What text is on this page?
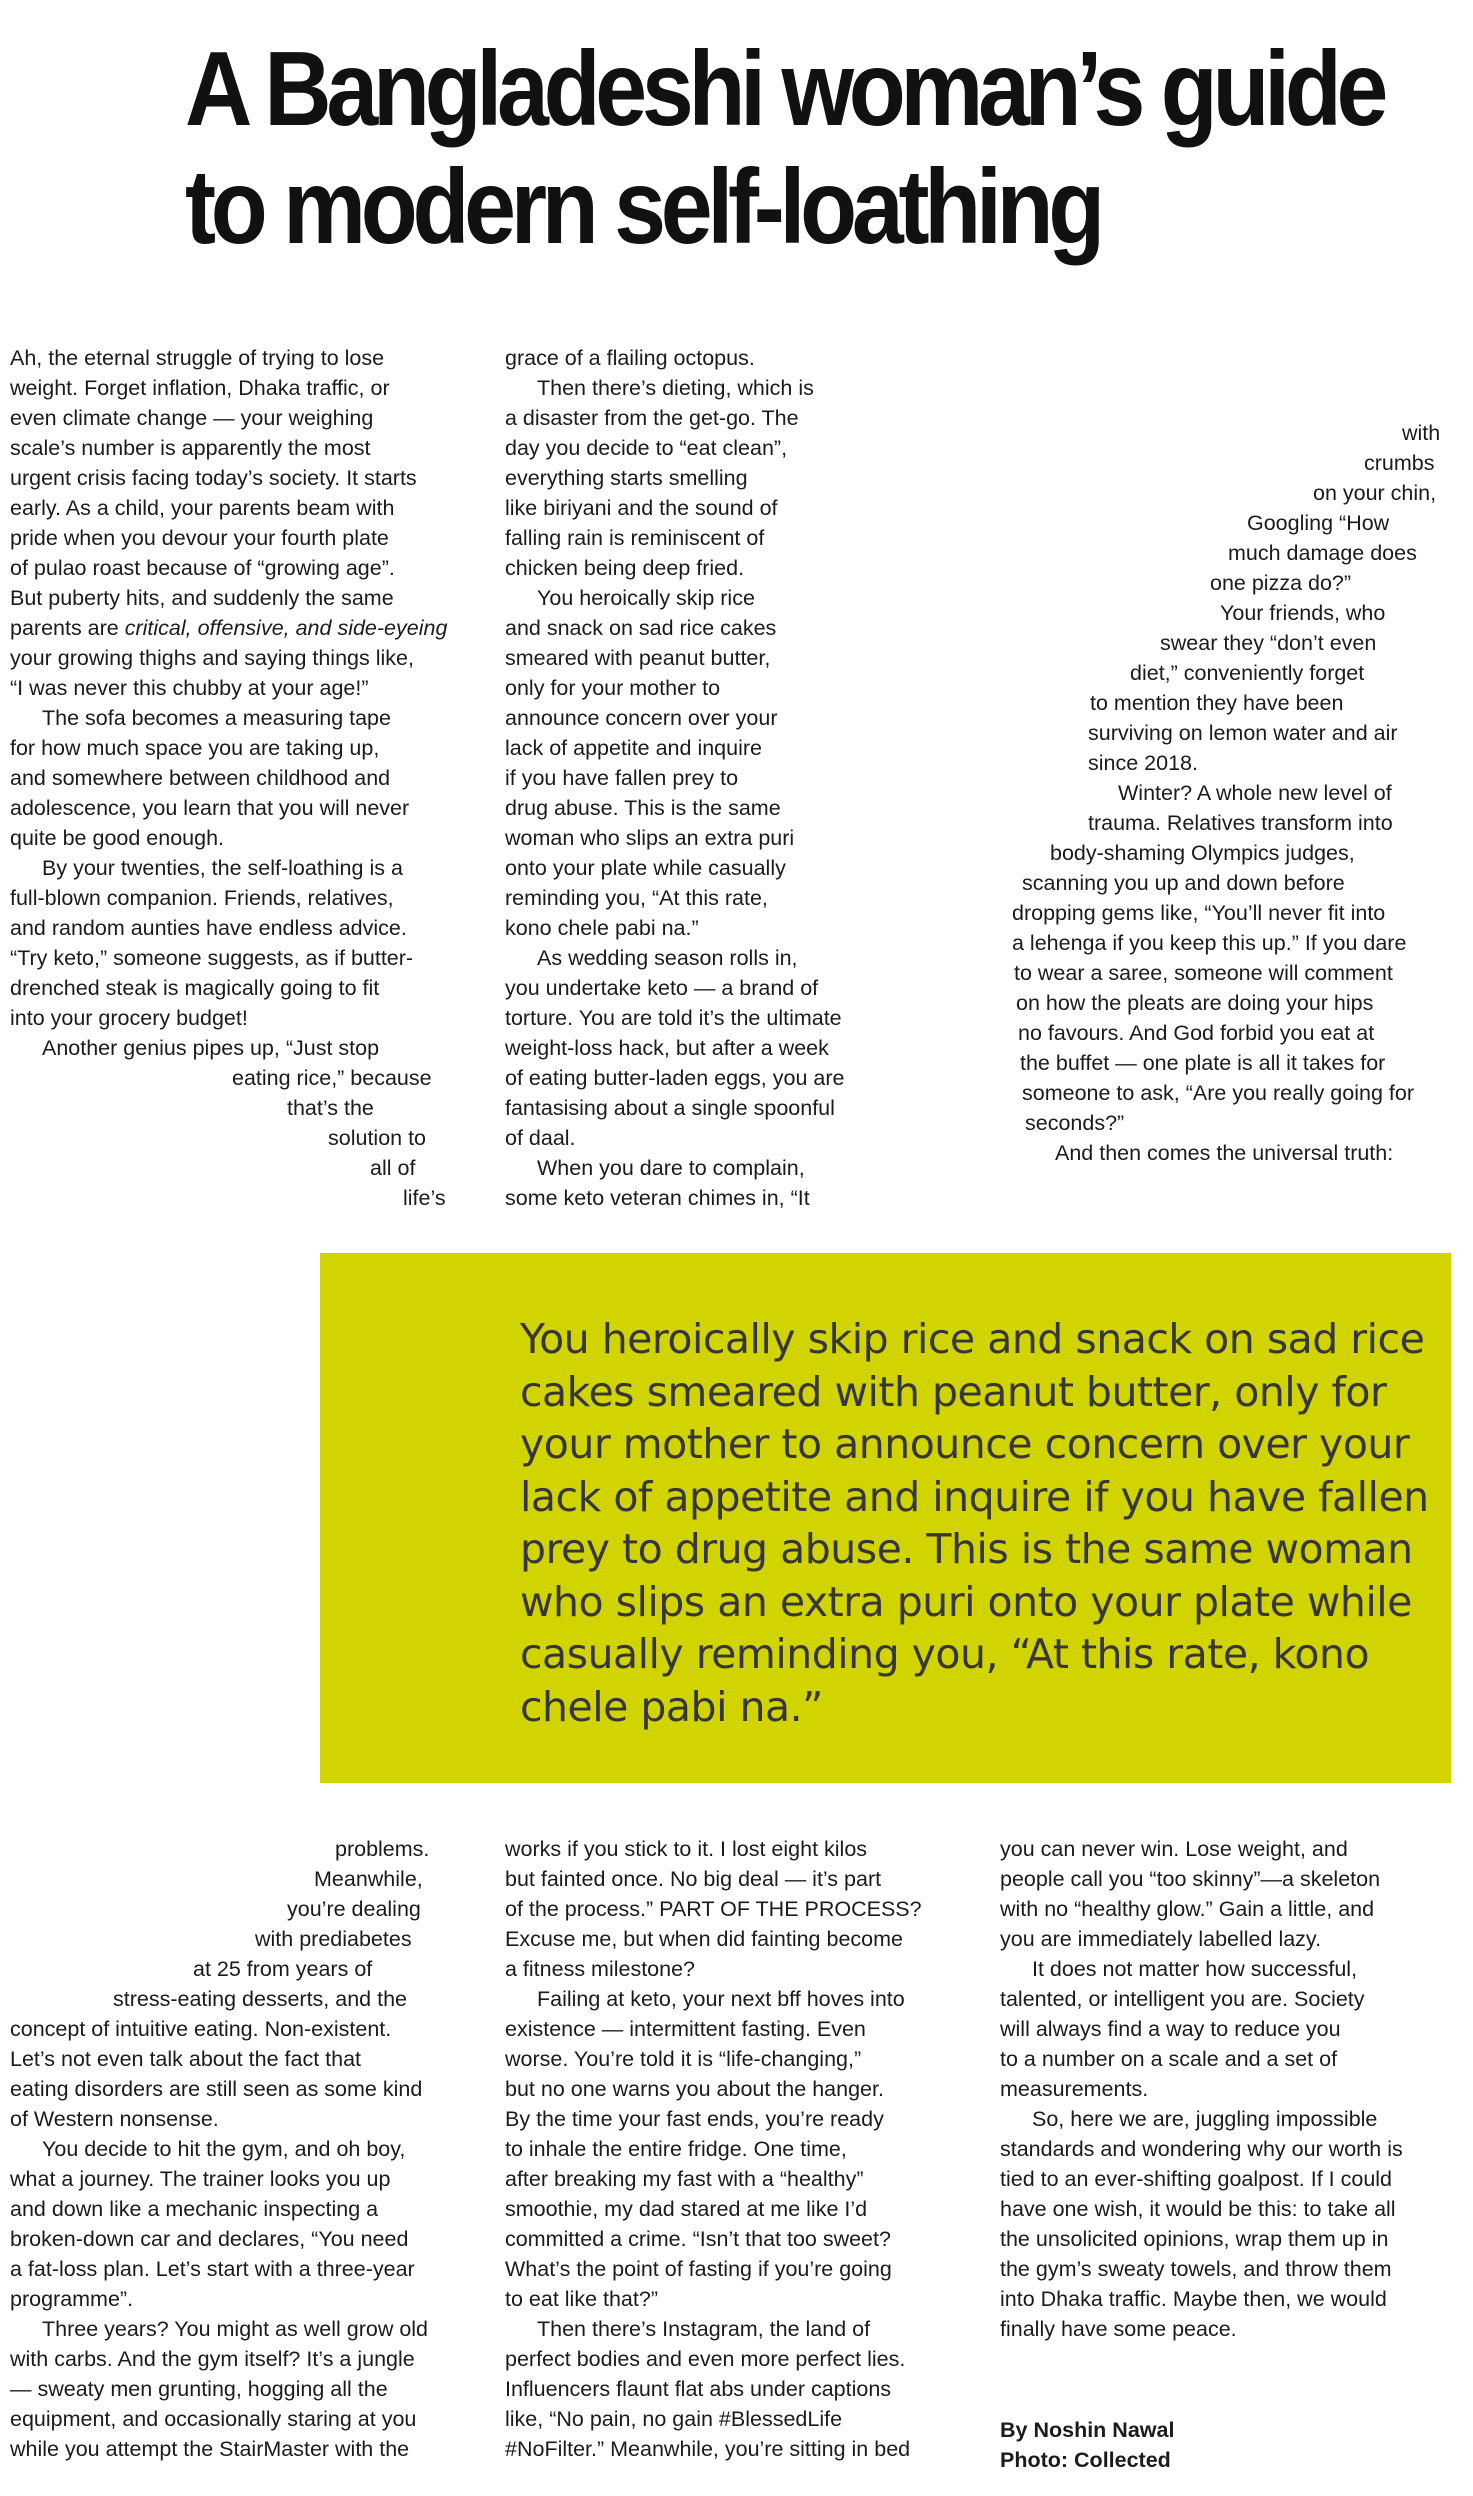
A Bangladeshi woman’s guide
to modern self-loathing
Ah, the eternal struggle of trying to lose
weight. Forget inflation, Dhaka traffic, or
even climate change — your weighing
scale’s number is apparently the most
urgent crisis facing today’s society. It starts
early. As a child, your parents beam with
pride when you devour your fourth plate
of pulao roast because of “growing age”.
But puberty hits, and suddenly the same
parents are critical, offensive, and side-eyeing
your growing thighs and saying things like,
“I was never this chubby at your age!”
The sofa becomes a measuring tape
for how much space you are taking up,
and somewhere between childhood and
adolescence, you learn that you will never
quite be good enough.
By your twenties, the self-loathing is a
full-blown companion. Friends, relatives,
and random aunties have endless advice.
“Try keto,” someone suggests, as if butter-
drenched steak is magically going to fit
into your grocery budget!
Another genius pipes up, “Just stop
eating rice,” because
that’s the
solution to
all of
life’s
grace of a flailing octopus.
Then there’s dieting, which is
a disaster from the get-go. The
day you decide to “eat clean”,
everything starts smelling
like biriyani and the sound of
falling rain is reminiscent of
chicken being deep fried.
You heroically skip rice
and snack on sad rice cakes
smeared with peanut butter,
only for your mother to
announce concern over your
lack of appetite and inquire
if you have fallen prey to
drug abuse. This is the same
woman who slips an extra puri
onto your plate while casually
reminding you, “At this rate,
kono chele pabi na.”
As wedding season rolls in,
you undertake keto — a brand of
torture. You are told it’s the ultimate
weight-loss hack, but after a week
of eating butter-laden eggs, you are
fantasising about a single spoonful
of daal.
When you dare to complain,
some keto veteran chimes in, “It
with
crumbs
on your chin,
Googling “How
much damage does
one pizza do?”
Your friends, who
swear they “don’t even
diet,” conveniently forget
to mention they have been
surviving on lemon water and air
since 2018.
Winter? A whole new level of
trauma. Relatives transform into
body-shaming Olympics judges,
scanning you up and down before
dropping gems like, “You’ll never fit into
a lehenga if you keep this up.” If you dare
to wear a saree, someone will comment
on how the pleats are doing your hips
no favours. And God forbid you eat at
the buffet — one plate is all it takes for
someone to ask, “Are you really going for
seconds?”
And then comes the universal truth:
You heroically skip rice and snack on sad rice
cakes smeared with peanut butter, only for
your mother to announce concern over your
lack of appetite and inquire if you have fallen
prey to drug abuse. This is the same woman
who slips an extra puri onto your plate while
casually reminding you, “At this rate, kono
chele pabi na.”
problems.
Meanwhile,
you’re dealing
with prediabetes
at 25 from years of
stress-eating desserts, and the
concept of intuitive eating. Non-existent.
Let’s not even talk about the fact that
eating disorders are still seen as some kind
of Western nonsense.
You decide to hit the gym, and oh boy,
what a journey. The trainer looks you up
and down like a mechanic inspecting a
broken-down car and declares, “You need
a fat-loss plan. Let’s start with a three-year
programme”.
Three years? You might as well grow old
with carbs. And the gym itself? It’s a jungle
— sweaty men grunting, hogging all the
equipment, and occasionally staring at you
while you attempt the StairMaster with the
works if you stick to it. I lost eight kilos
but fainted once. No big deal — it’s part
of the process.” PART OF THE PROCESS?
Excuse me, but when did fainting become
a fitness milestone?
Failing at keto, your next bff hoves into
existence — intermittent fasting. Even
worse. You’re told it is “life-changing,”
but no one warns you about the hanger.
By the time your fast ends, you’re ready
to inhale the entire fridge. One time,
after breaking my fast with a “healthy”
smoothie, my dad stared at me like I’d
committed a crime. “Isn’t that too sweet?
What’s the point of fasting if you’re going
to eat like that?”
Then there’s Instagram, the land of
perfect bodies and even more perfect lies.
Influencers flaunt flat abs under captions
like, “No pain, no gain #BlessedLife
#NoFilter.” Meanwhile, you’re sitting in bed
you can never win. Lose weight, and
people call you “too skinny”—a skeleton
with no “healthy glow.” Gain a little, and
you are immediately labelled lazy.
It does not matter how successful,
talented, or intelligent you are. Society
will always find a way to reduce you
to a number on a scale and a set of
measurements.
So, here we are, juggling impossible
standards and wondering why our worth is
tied to an ever-shifting goalpost. If I could
have one wish, it would be this: to take all
the unsolicited opinions, wrap them up in
the gym’s sweaty towels, and throw them
into Dhaka traffic. Maybe then, we would
finally have some peace.
By Noshin Nawal
Photo: Collected
